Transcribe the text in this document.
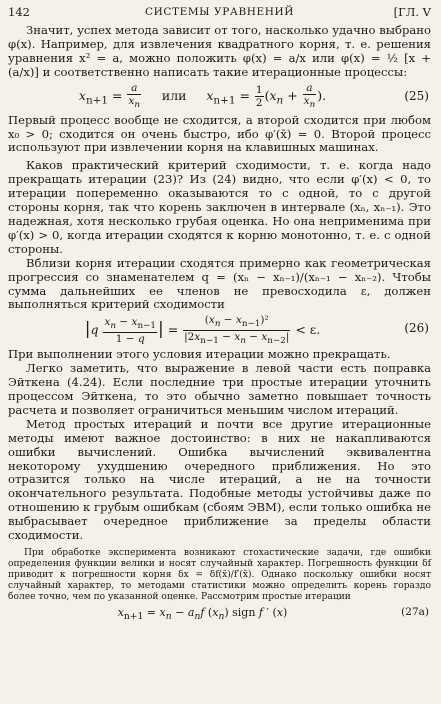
142	СИСТЕМЫ УРАВНЕНИЙ	[ГЛ. V

Значит, успех метода зависит от того, насколько удачно выбрано φ(x). Например, для извлечения квадратного корня, т. е. решения уравнения x² = a, можно положить φ(x) = a/x или φ(x) = ½ [x + (a/x)] и соответственно написать такие итерационные процессы:

$x_{n+1} = \frac{a}{x_n}$ или $x_{n+1} = \frac{1}{2} (x_n + \frac{a}{x_n}$ ).	(25)

Первый процесс вообще не сходится, а второй сходится при любом x₀ > 0; сходится он очень быстро, ибо φ′(x̄) = 0. Второй процесс используют при извлечении корня на клавишных машинах.

Каков практический критерий сходимости, т. е. когда надо прекращать итерации (23)? Из (24) видно, что если φ′(x) < 0, то итерации попеременно оказываются то с одной, то с другой стороны корня, так что корень заключен в интервале (xₙ, xₙ₋₁). Это надежная, хотя несколько грубая оценка. Но она неприменима при φ′(x) > 0, когда итерации сходятся к корню монотонно, т. е. с одной стороны.

Вблизи корня итерации сходятся примерно как геометрическая прогрессия со знаменателем q = (xₙ − xₙ₋₁)/(xₙ₋₁ − xₙ₋₂). Чтобы сумма дальнейших ее членов не превосходила ε, должен выполняться критерий сходимости

$|q \frac{x_n - x_{n-1}}{1 - q}$ | = $\frac{(x_n - x_{n-1})^2}{|2x_{n-1} - x_n - x_{n-2}|} < \varepsilon$.	(26)

При выполнении этого условия итерации можно прекращать.

Легко заметить, что выражение в левой части есть поправка Эйткена (4.24). Если последние три простые итерации уточнить процессом Эйткена, то это обычно заметно повышает точность расчета и позволяет ограничиться меньшим числом итераций.

Метод простых итераций и почти все другие итерационные методы имеют важное достоинство: в них не накапливаются ошибки вычислений. Ошибка вычислений эквивалентна некоторому ухудшению очередного приближения. Но это отразится только на числе итераций, а не на точности окончательного результата. Подобные методы устойчивы даже по отношению к грубым ошибкам (сбоям ЭВМ), если только ошибка не выбрасывает очередное приближение за пределы области сходимости.

При обработке эксперимента возникают стохастические задачи, где ошибки определения функции велики и носят случайный характер. Погрешность функции δf приводит к погрешности корня δx = δf(x̄)/f′(x̄). Однако поскольку ошибки носят случайный характер, то методами статистики можно определить корень гораздо более точно, чем по указанной оценке. Рассмотрим простые итерации

$x_{n+1} = x_n - a_nf$ $(x_n)$ sign f ′ (x)	(27a)
